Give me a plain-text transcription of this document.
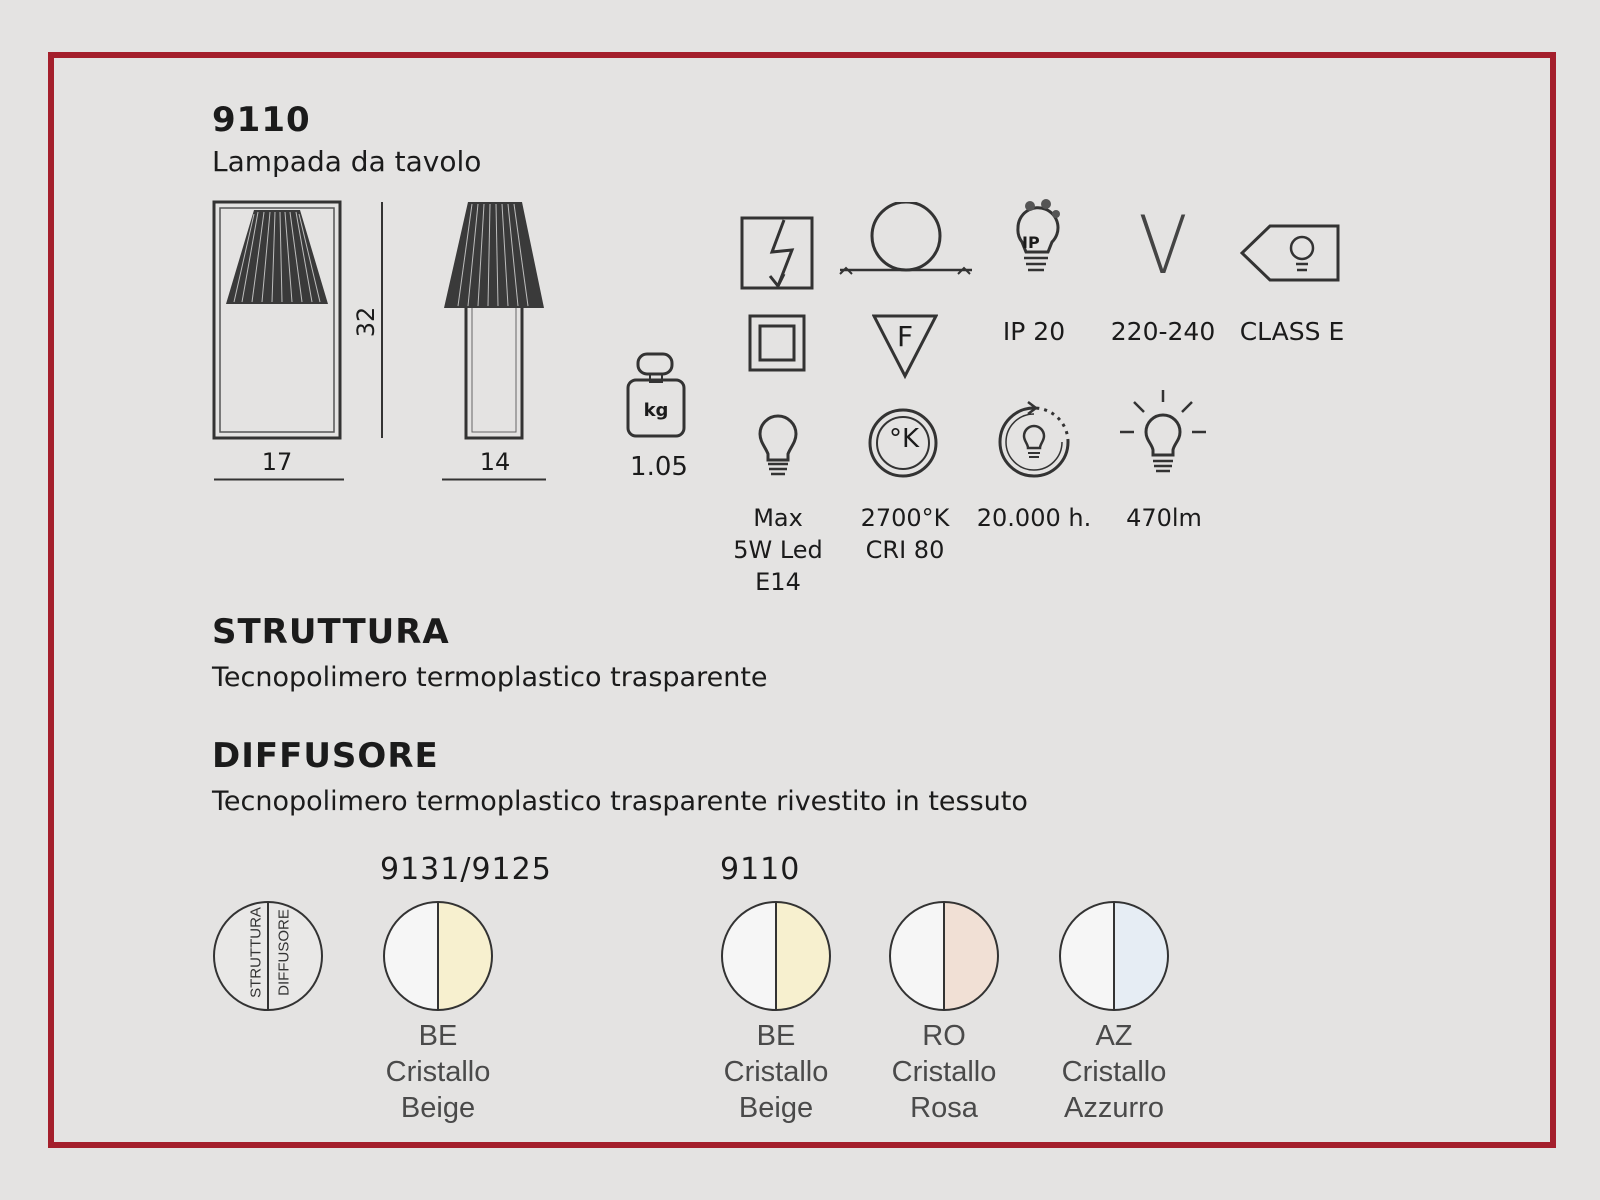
9110
Lampada da tavolo
32
17	14
kg
1.05
IP V
F	IP 20	220-240 CLASS E
°K
Max
5W Led
E14
2700°K
CRI 80
20.000 h.	470lm
STRUTTURA
Tecnopolimero termoplastico trasparente
DIFFUSORE
Tecnopolimero termoplastico trasparente rivestito in tessuto
9131/9125	9110
STRUTTURA DIFFUSORE
BE
Cristallo
Beige
BE
Cristallo
Beige
RO
Cristallo
Rosa
AZ
Cristallo
Azzurro
